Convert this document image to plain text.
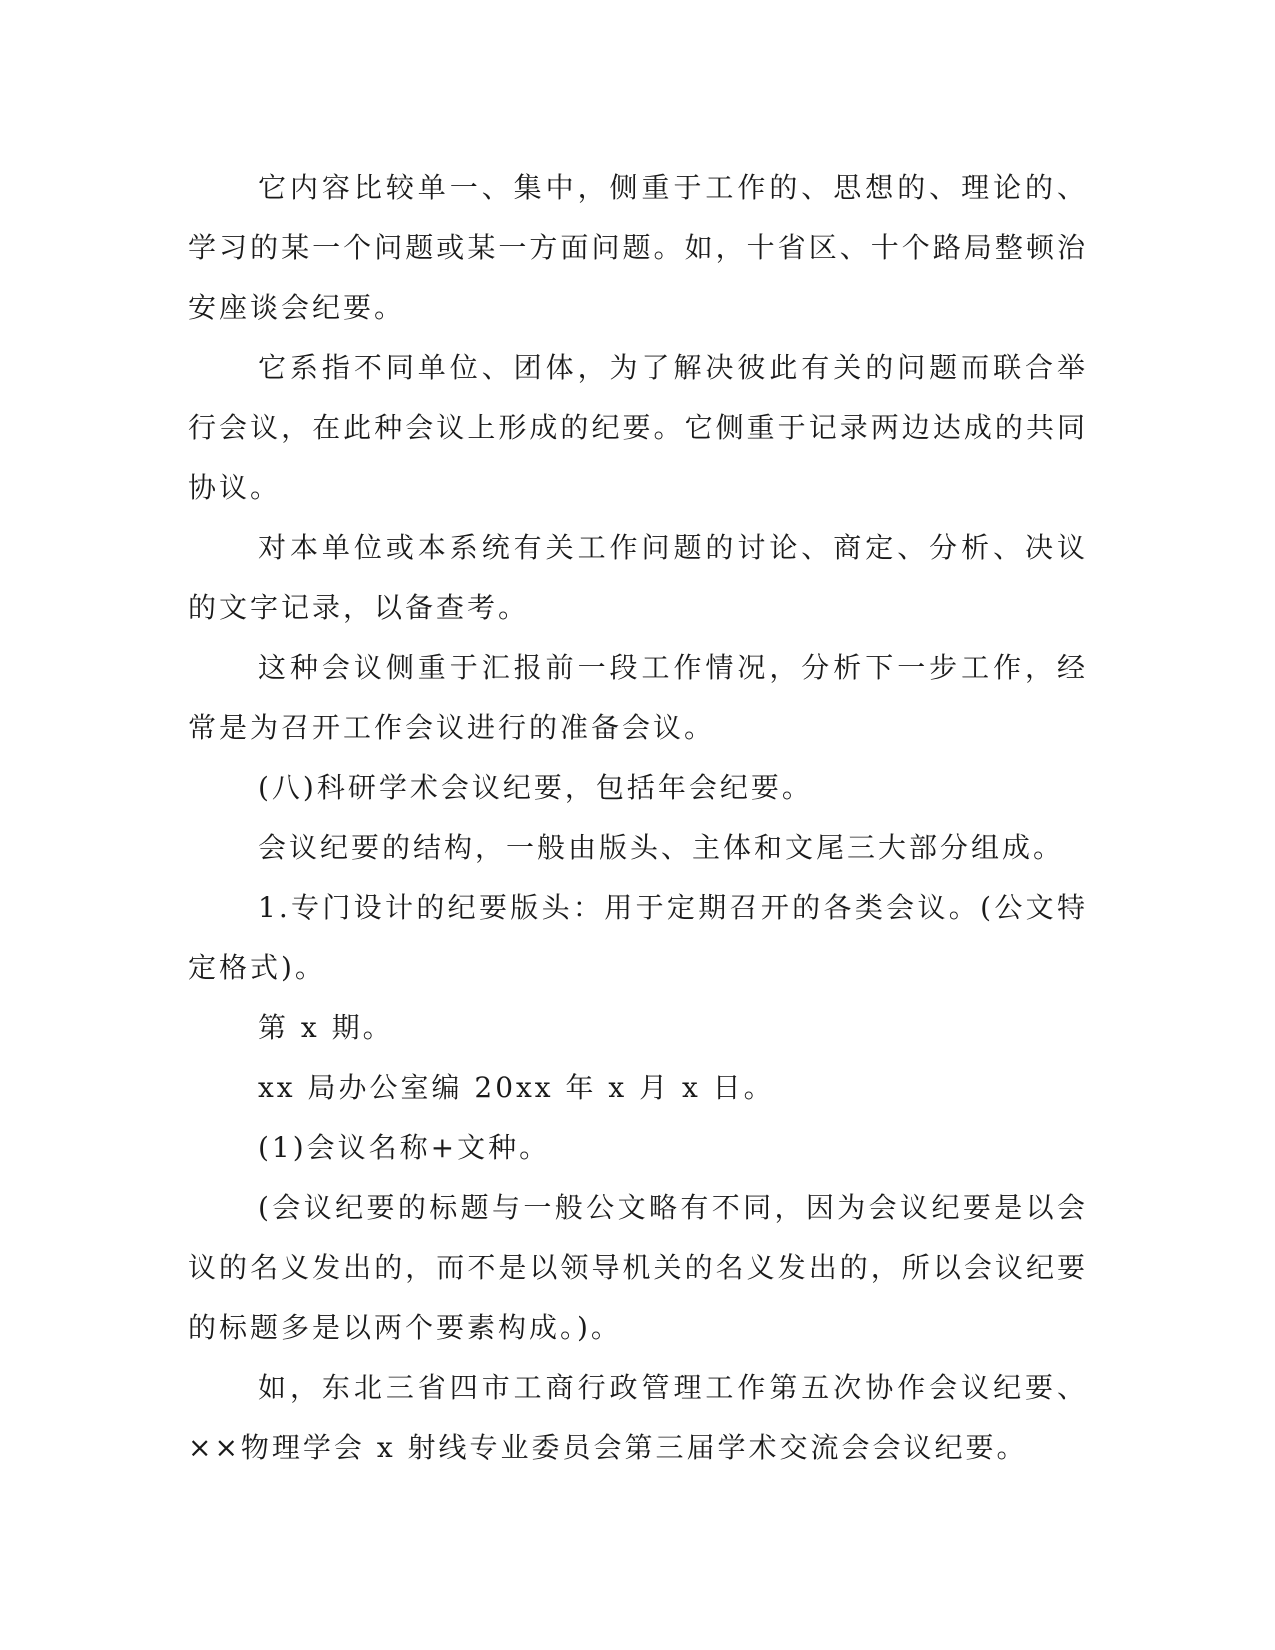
它内容比较单一、集中，侧重于工作的、思想的、理论的、学习的某一个问题或某一方面问题。如，十省区、十个路局整顿治安座谈会纪要。

它系指不同单位、团体，为了解决彼此有关的问题而联合举行会议，在此种会议上形成的纪要。它侧重于记录两边达成的共同协议。

对本单位或本系统有关工作问题的讨论、商定、分析、决议的文字记录，以备查考。

这种会议侧重于汇报前一段工作情况，分析下一步工作，经常是为召开工作会议进行的准备会议。

(八)科研学术会议纪要，包括年会纪要。

会议纪要的结构，一般由版头、主体和文尾三大部分组成。

1.专门设计的纪要版头：用于定期召开的各类会议。(公文特定格式)。

第 x 期。

xx 局办公室编 20xx 年 x 月 x 日。

(1)会议名称+文种。

(会议纪要的标题与一般公文略有不同，因为会议纪要是以会议的名义发出的，而不是以领导机关的名义发出的，所以会议纪要的标题多是以两个要素构成。)。

如，东北三省四市工商行政管理工作第五次协作会议纪要、××物理学会 x 射线专业委员会第三届学术交流会会议纪要。
